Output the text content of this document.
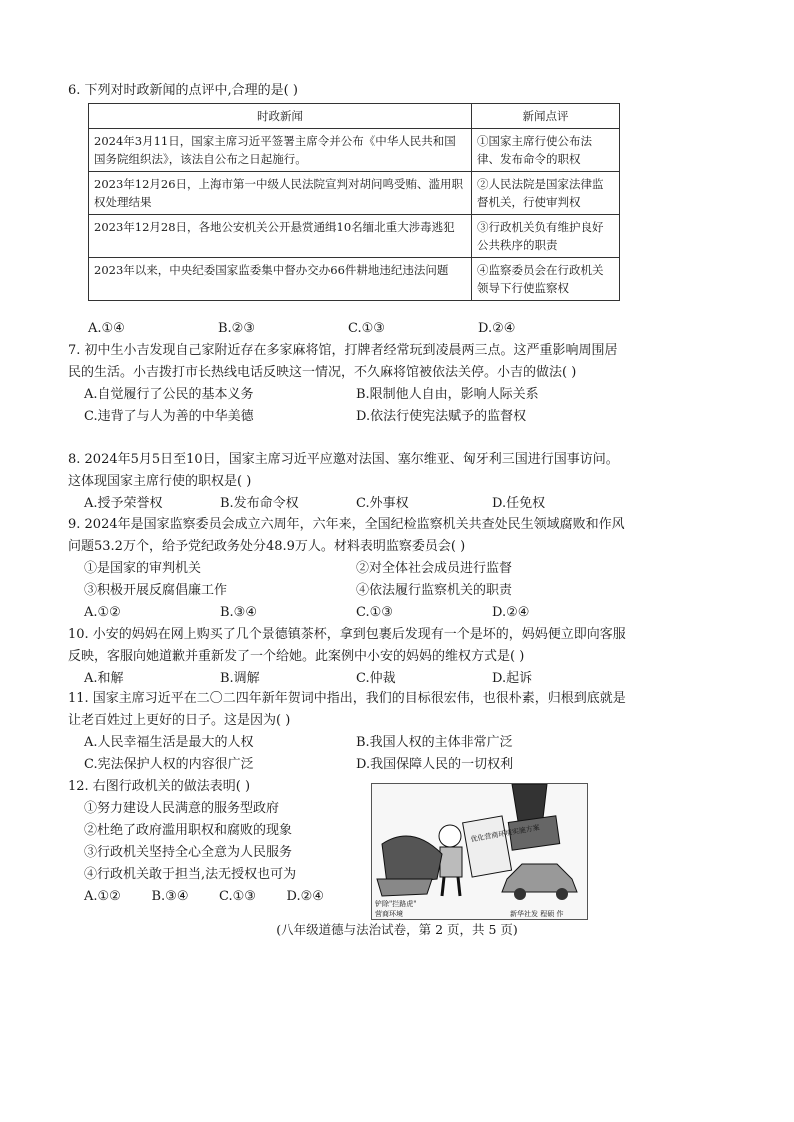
6. 下列对时政新闻的点评中,合理的是( )

时政新闻	新闻点评
2024年3月11日，国家主席习近平签署主席令并公布《中华人民共和国国务院组织法》，该法自公布之日起施行。	①国家主席行使公布法律、发布命令的职权
2023年12月26日，上海市第一中级人民法院宣判对胡问鸣受贿、滥用职权处理结果	②人民法院是国家法律监督机关，行使审判权
2023年12月28日，各地公安机关公开悬赏通缉10名缅北重大涉毒逃犯	③行政机关负有维护良好公共秩序的职责
2023年以来，中央纪委国家监委集中督办交办66件耕地违纪违法问题	④监察委员会在行政机关领导下行使监察权
A.①④	B.②③	C.①③	D.②④

7. 初中生小吉发现自己家附近存在多家麻将馆，打牌者经常玩到凌晨两三点。这严重影响周围居民的生活。小吉拨打市长热线电话反映这一情况，不久麻将馆被依法关停。小吉的做法( )

A.自觉履行了公民的基本义务	B.限制他人自由，影响人际关系 C.违背了与人为善的中华美德	D.依法行使宪法赋予的监督权

8. 2024年5月5日至10日，国家主席习近平应邀对法国、塞尔维亚、匈牙利三国进行国事访问。这体现国家主席行使的职权是( )

A.授予荣誉权	B.发布命令权	C.外事权	D.任免权

9. 2024年是国家监察委员会成立六周年，六年来，全国纪检监察机关共查处民生领域腐败和作风问题53.2万个，给予党纪政务处分48.9万人。材料表明监察委员会( )

①是国家的审判机关	②对全体社会成员进行监督 ③积极开展反腐倡廉工作	④依法履行监察机关的职责
A.①②	B.③④	C.①③	D.②④

10. 小安的妈妈在网上购买了几个景德镇茶杯，拿到包裹后发现有一个是坏的，妈妈便立即向客服反映，客服向她道歉并重新发了一个给她。此案例中小安的妈妈的维权方式是( )

A.和解	B.调解	C.仲裁	D.起诉

11. 国家主席习近平在二〇二四年新年贺词中指出，我们的目标很宏伟，也很朴素，归根到底就是让老百姓过上更好的日子。这是因为( )

A.人民幸福生活是最大的人权	B.我国人权的主体非常广泛 C.宪法保护人权的内容很广泛	D.我国保障人民的一切权利

12. 右图行政机关的做法表明( )

①努力建设人民满意的服务型政府
②杜绝了政府滥用职权和腐败的现象
③行政机关坚持全心全意为人民服务
④行政机关敢于担当,法无授权也可为
A.①②	B.③④	C.①③	D.②④
优化营商环境实施方案
铲除"拦路虎"
营商环境	新华社发 程硕 作
(八年级道德与法治试卷，第 2 页，共 5 页)
